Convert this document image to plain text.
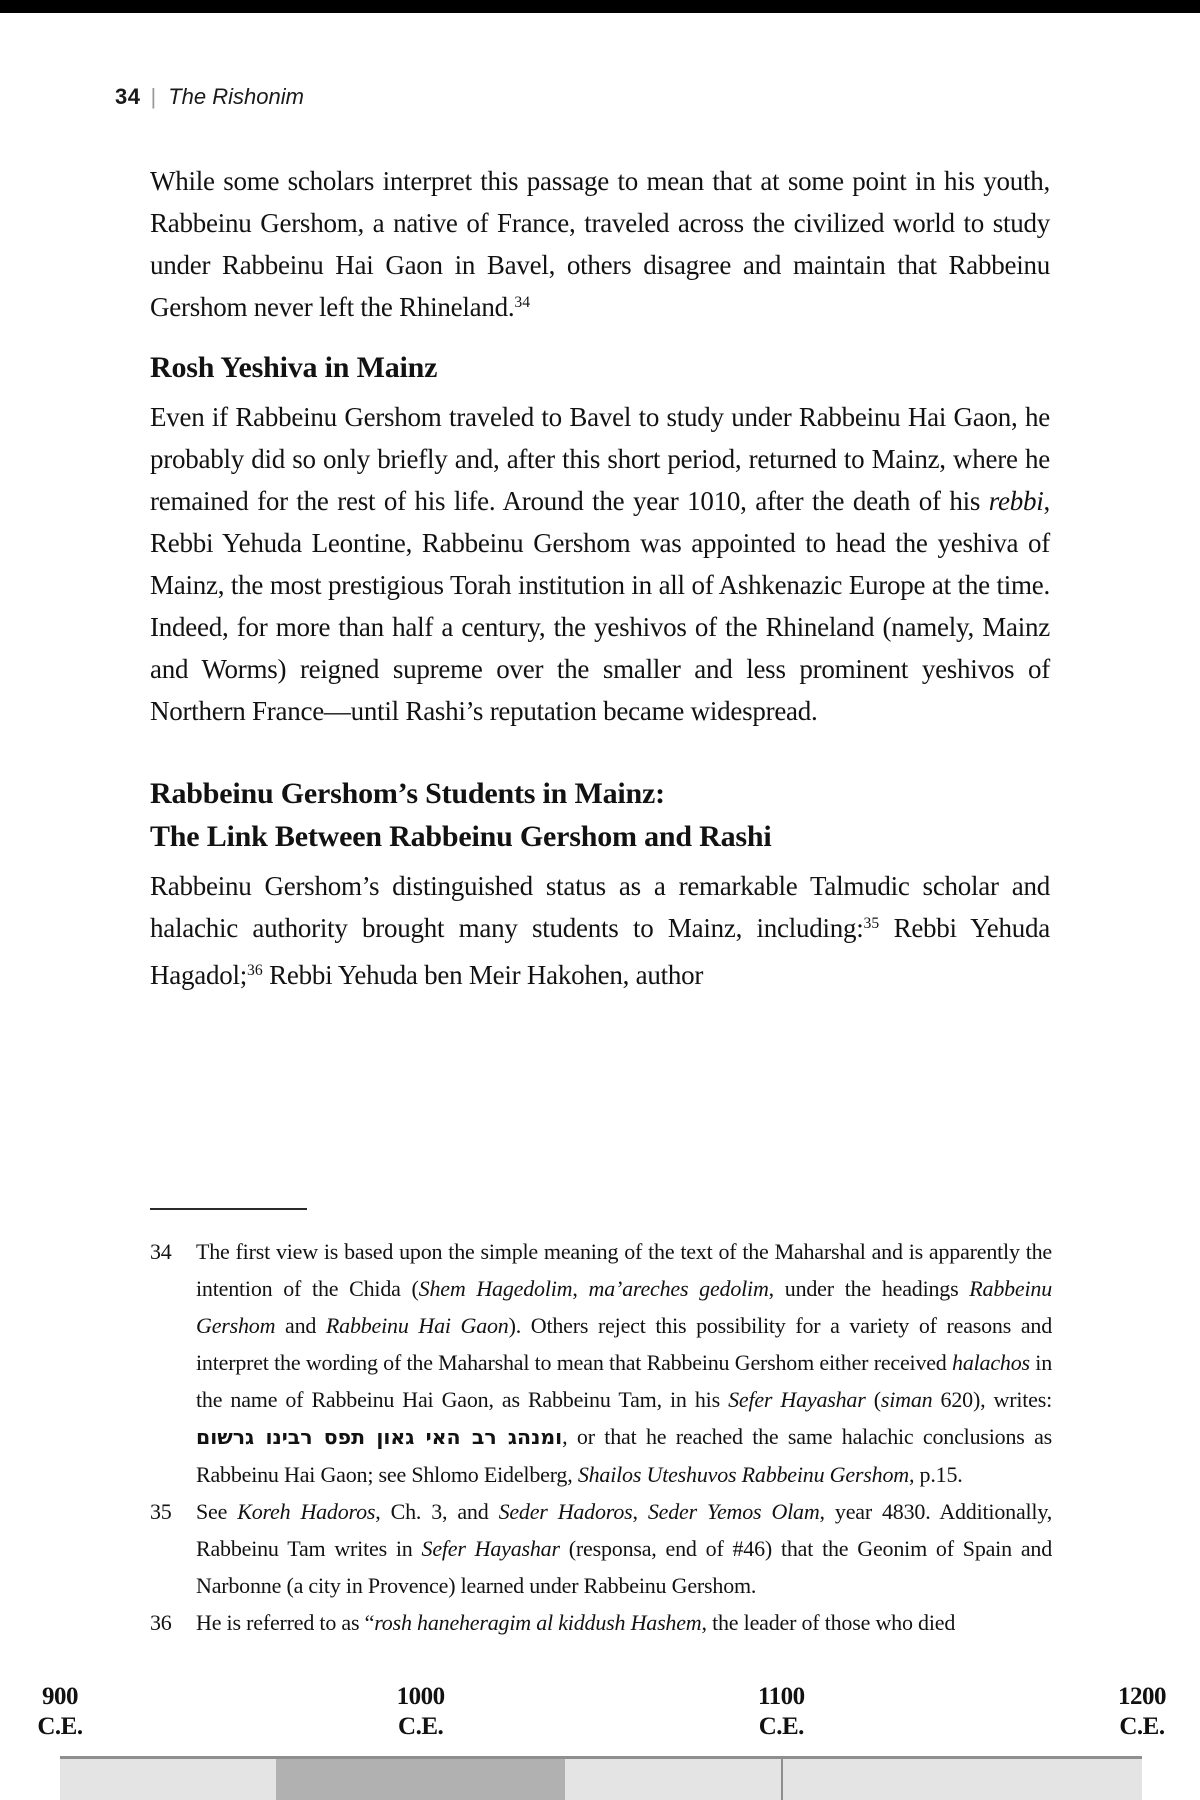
34 | The Rishonim

While some scholars interpret this passage to mean that at some point in his youth, Rabbeinu Gershom, a native of France, traveled across the civilized world to study under Rabbeinu Hai Gaon in Bavel, others disagree and maintain that Rabbeinu Gershom never left the Rhineland.$^{34}$

Rosh Yeshiva in Mainz

Even if Rabbeinu Gershom traveled to Bavel to study under Rabbeinu Hai Gaon, he probably did so only briefly and, after this short period, returned to Mainz, where he remained for the rest of his life. Around the year 1010, after the death of his rebbi, Rebbi Yehuda Leontine, Rabbeinu Gershom was appointed to head the yeshiva of Mainz, the most prestigious Torah institution in all of Ashkenazic Europe at the time. Indeed, for more than half a century, the yeshivos of the Rhineland (namely, Mainz and Worms) reigned supreme over the smaller and less prominent yeshivos of Northern France—until Rashi’s reputation became widespread.

Rabbeinu Gershom’s Students in Mainz:
The Link Between Rabbeinu Gershom and Rashi

Rabbeinu Gershom’s distinguished status as a remarkable Talmudic scholar and halachic authority brought many students to Mainz, including:$^{35}$ Rebbi Yehuda Hagadol;$^{36}$ Rebbi Yehuda ben Meir Hakohen, author

34	The first view is based upon the simple meaning of the text of the Maharshal and is apparently the intention of the Chida (Shem Hagedolim, ma’areches gedolim, under the headings Rabbeinu Gershom and Rabbeinu Hai Gaon). Others reject this possibility for a variety of reasons and interpret the wording of the Maharshal to mean that Rabbeinu Gershom either received halachos in the name of Rabbeinu Hai Gaon, as Rabbeinu Tam, in his Sefer Hayashar (siman 620), writes: ומנהג רב האי גאון תפס רבינו גרשום, or that he reached the same halachic conclusions as Rabbeinu Hai Gaon; see Shlomo Eidelberg, Shailos Uteshuvos Rabbeinu Gershom, p.15.
35	See Koreh Hadoros, Ch. 3, and Seder Hadoros, Seder Yemos Olam, year 4830. Additionally, Rabbeinu Tam writes in Sefer Hayashar (responsa, end of #46) that the Geonim of Spain and Narbonne (a city in Provence) learned under Rabbeinu Gershom.
36	He is referred to as “rosh haneheragim al kiddush Hashem, the leader of those who died
900
C.E.
1000
C.E.
1100
C.E.
1200
C.E.
